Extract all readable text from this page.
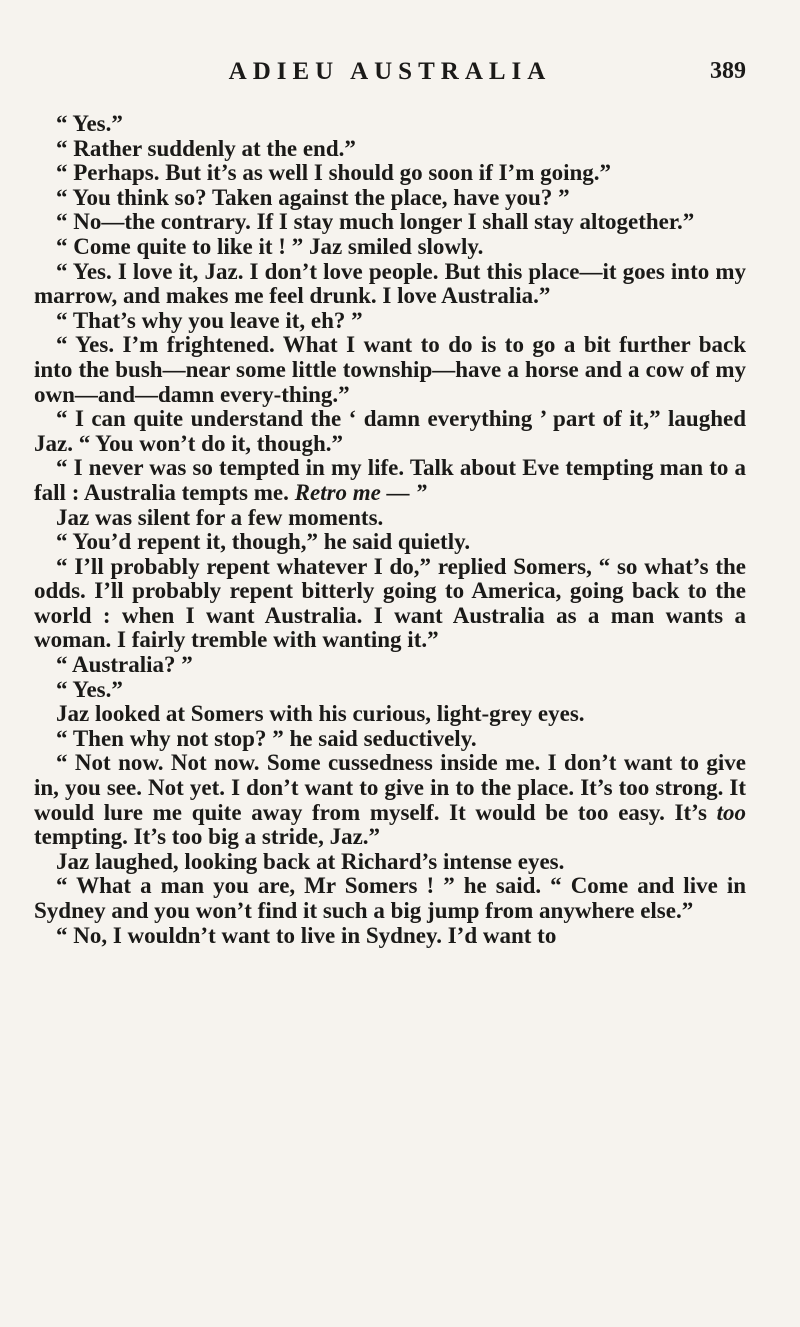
ADIEU AUSTRALIA	389

“ Yes.”

“ Rather suddenly at the end.”

“ Perhaps. But it’s as well I should go soon if I’m going.”

“ You think so? Taken against the place, have you? ”

“ No—the contrary. If I stay much longer I shall stay altogether.”

“ Come quite to like it ! ” Jaz smiled slowly.

“ Yes. I love it, Jaz. I don’t love people. But this place—it goes into my marrow, and makes me feel drunk. I love Australia.”

“ That’s why you leave it, eh? ”

“ Yes. I’m frightened. What I want to do is to go a bit further back into the bush—near some little township—have a horse and a cow of my own—and—damn every-thing.”

“ I can quite understand the ‘ damn everything ’ part of it,” laughed Jaz. “ You won’t do it, though.”

“ I never was so tempted in my life. Talk about Eve tempting man to a fall : Australia tempts me. Retro me — ”

Jaz was silent for a few moments.

“ You’d repent it, though,” he said quietly.

“ I’ll probably repent whatever I do,” replied Somers, “ so what’s the odds. I’ll probably repent bitterly going to America, going back to the world : when I want Australia. I want Australia as a man wants a woman. I fairly tremble with wanting it.”

“ Australia? ”

“ Yes.”

Jaz looked at Somers with his curious, light-grey eyes.

“ Then why not stop? ” he said seductively.

“ Not now. Not now. Some cussedness inside me. I don’t want to give in, you see. Not yet. I don’t want to give in to the place. It’s too strong. It would lure me quite away from myself. It would be too easy. It’s too tempting. It’s too big a stride, Jaz.”

Jaz laughed, looking back at Richard’s intense eyes.

“ What a man you are, Mr Somers ! ” he said. “ Come and live in Sydney and you won’t find it such a big jump from anywhere else.”

“ No, I wouldn’t want to live in Sydney. I’d want to
